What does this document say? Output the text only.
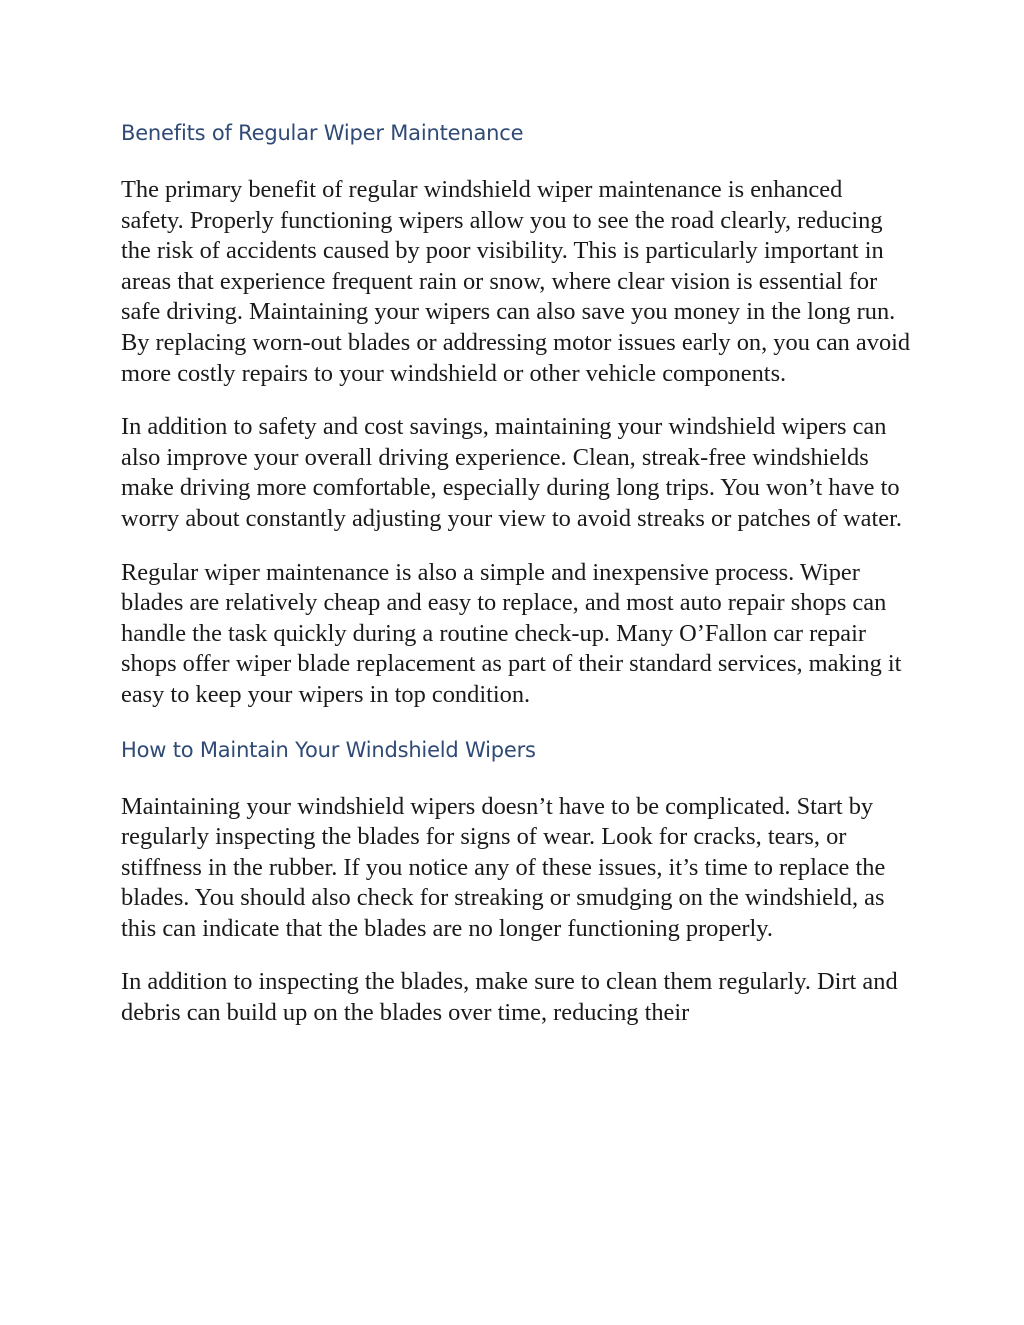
Benefits of Regular Wiper Maintenance

The primary benefit of regular windshield wiper maintenance is enhanced safety. Properly functioning wipers allow you to see the road clearly, reducing the risk of accidents caused by poor visibility. This is particularly important in areas that experience frequent rain or snow, where clear vision is essential for safe driving. Maintaining your wipers can also save you money in the long run. By replacing worn-out blades or addressing motor issues early on, you can avoid more costly repairs to your windshield or other vehicle components.

In addition to safety and cost savings, maintaining your windshield wipers can also improve your overall driving experience. Clean, streak-free windshields make driving more comfortable, especially during long trips. You won’t have to worry about constantly adjusting your view to avoid streaks or patches of water.

Regular wiper maintenance is also a simple and inexpensive process. Wiper blades are relatively cheap and easy to replace, and most auto repair shops can handle the task quickly during a routine check-up. Many O’Fallon car repair shops offer wiper blade replacement as part of their standard services, making it easy to keep your wipers in top condition.

How to Maintain Your Windshield Wipers

Maintaining your windshield wipers doesn’t have to be complicated. Start by regularly inspecting the blades for signs of wear. Look for cracks, tears, or stiffness in the rubber. If you notice any of these issues, it’s time to replace the blades. You should also check for streaking or smudging on the windshield, as this can indicate that the blades are no longer functioning properly.

In addition to inspecting the blades, make sure to clean them regularly. Dirt and debris can build up on the blades over time, reducing their
